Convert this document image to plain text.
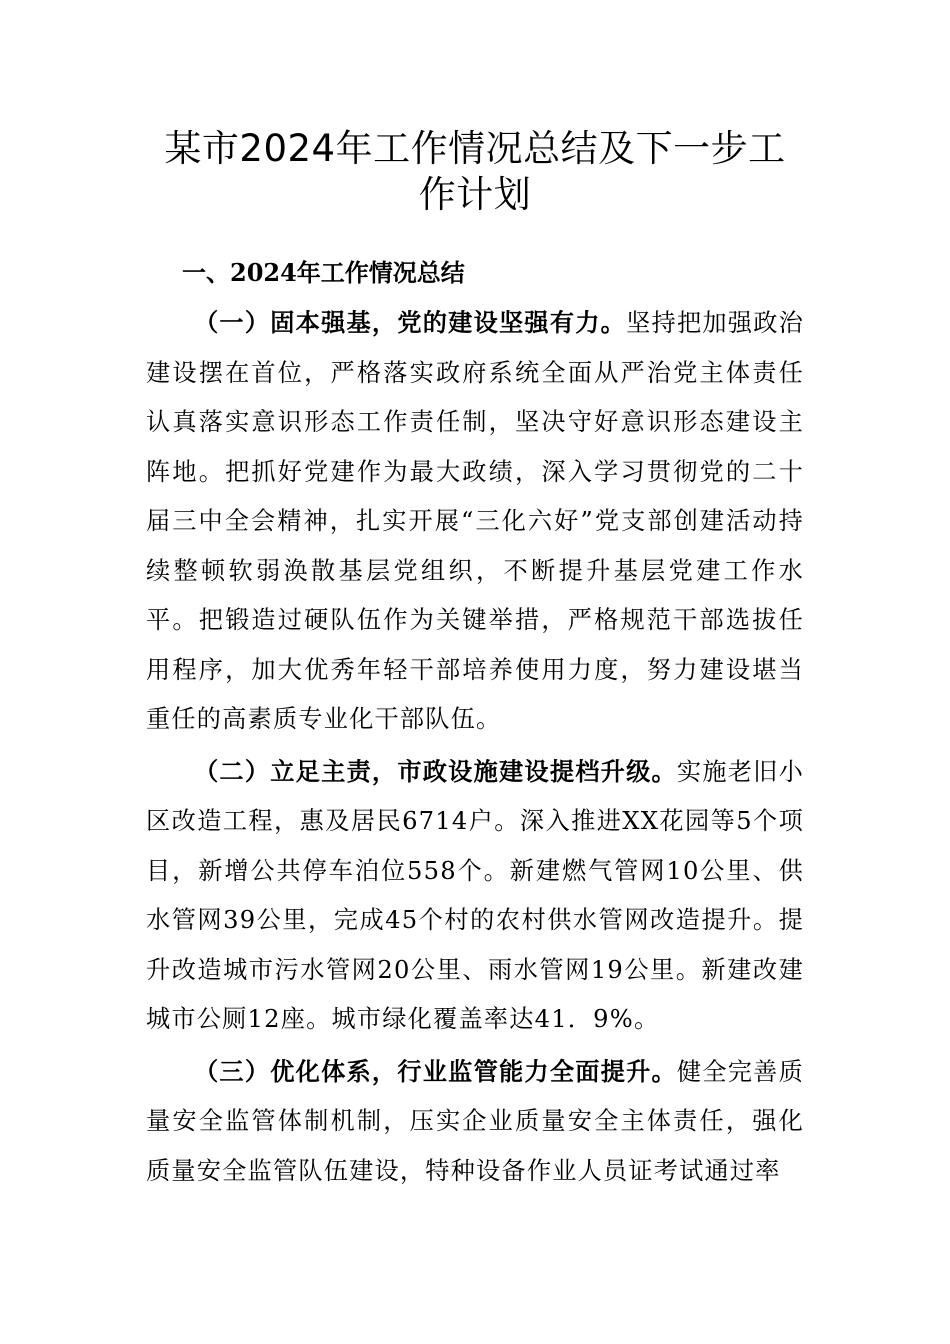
某市2024年工作情况总结及下一步工作计划
一、2024年工作情况总结

（一）固本强基，党的建设坚强有力。坚持把加强政治建设摆在首位，严格落实政府系统全面从严治党主体责任认真落实意识形态工作责任制，坚决守好意识形态建设主阵地。把抓好党建作为最大政绩，深入学习贯彻党的二十届三中全会精神，扎实开展“三化六好”党支部创建活动持续整顿软弱涣散基层党组织，不断提升基层党建工作水平。把锻造过硬队伍作为关键举措，严格规范干部选拔任用程序，加大优秀年轻干部培养使用力度，努力建设堪当重任的高素质专业化干部队伍。

（二）立足主责，市政设施建设提档升级。实施老旧小区改造工程，惠及居民6714户。深入推进XX花园等5个项目，新增公共停车泊位558个。新建燃气管网10公里、供水管网39公里，完成45个村的农村供水管网改造提升。提升改造城市污水管网20公里、雨水管网19公里。新建改建城市公厕12座。城市绿化覆盖率达41．9%。

（三）优化体系，行业监管能力全面提升。健全完善质量安全监管体制机制，压实企业质量安全主体责任，强化质量安全监管队伍建设，特种设备作业人员证考试通过率
